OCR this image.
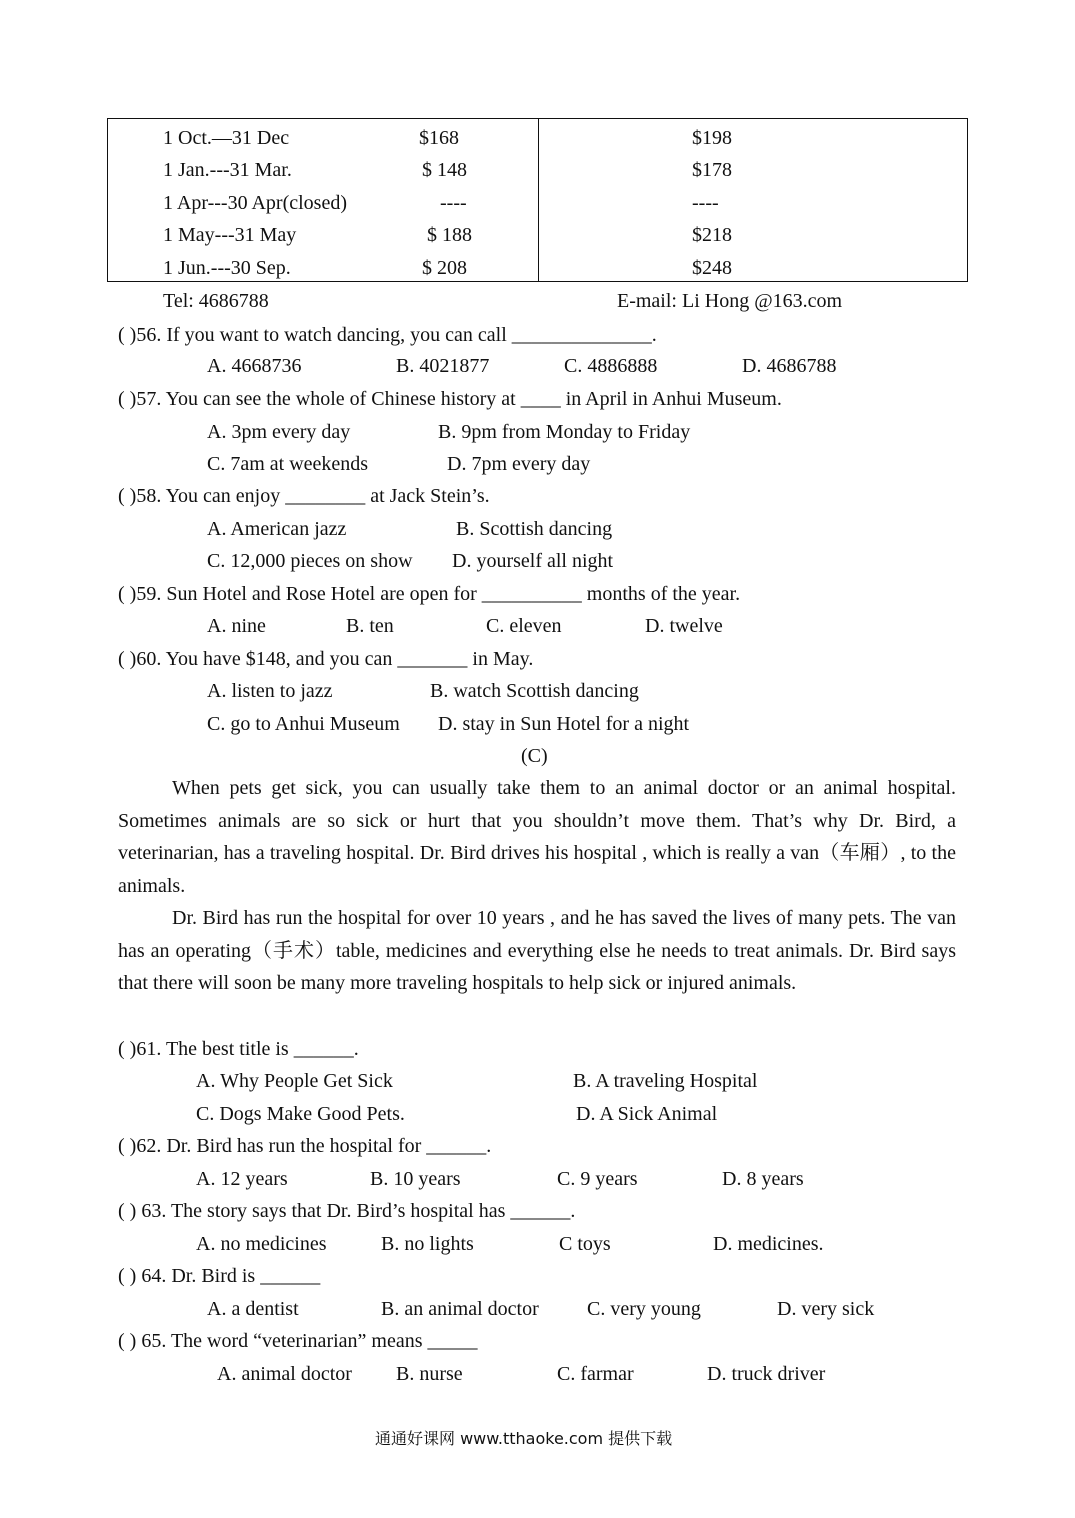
1 Oct.—31 Dec	$168	$198
1 Jan.---31 Mar.	$ 148	$178
1 Apr---30 Apr(closed)	----	----
1 May---31 May	$ 188	$218
1 Jun.---30 Sep.	$ 208	$248
Tel: 4686788	E-mail: Li Hong @163.com
( )56. If you want to watch dancing, you can call ______________.
A. 4668736	B. 4021877	C. 4886888	D. 4686788
( )57. You can see the whole of Chinese history at ____ in April in Anhui Museum.
A. 3pm every day	B. 9pm from Monday to Friday
C. 7am at weekends	D. 7pm every day
( )58. You can enjoy ________ at Jack Stein’s.
A. American jazz	B. Scottish dancing
C. 12,000 pieces on show D. yourself all night
( )59. Sun Hotel and Rose Hotel are open for __________ months of the year.
A. nine	B. ten	C. eleven	D. twelve
( )60. You have $148, and you can _______ in May.
A. listen to jazz	B. watch Scottish dancing
C. go to Anhui Museum D. stay in Sun Hotel for a night
(C)
When pets get sick, you can usually take them to an animal doctor or an animal hospital. Sometimes animals are so sick or hurt that you shouldn’t move them. That’s why Dr. Bird, a veterinarian, has a traveling hospital. Dr. Bird drives his hospital , which is really a van（车厢）, to the animals.
Dr. Bird has run the hospital for over 10 years , and he has saved the lives of many pets. The van has an operating（手术）table, medicines and everything else he needs to treat animals. Dr. Bird says that there will soon be many more traveling hospitals to help sick or injured animals.
( )61. The best title is ______.
A. Why People Get Sick	B. A traveling Hospital
C. Dogs Make Good Pets.	D. A Sick Animal
( )62. Dr. Bird has run the hospital for ______.
A. 12 years	B. 10 years	C. 9 years	D. 8 years
( ) 63. The story says that Dr. Bird’s hospital has ______.
A. no medicines	B. no lights	C toys	D. medicines.
( ) 64. Dr. Bird is ______
A. a dentist	B. an animal doctor C. very young	D. very sick
( ) 65. The word “veterinarian” means _____
A. animal doctor B. nurse	C. farmar	D. truck driver
通通好课网 www.tthaoke.com 提供下载
